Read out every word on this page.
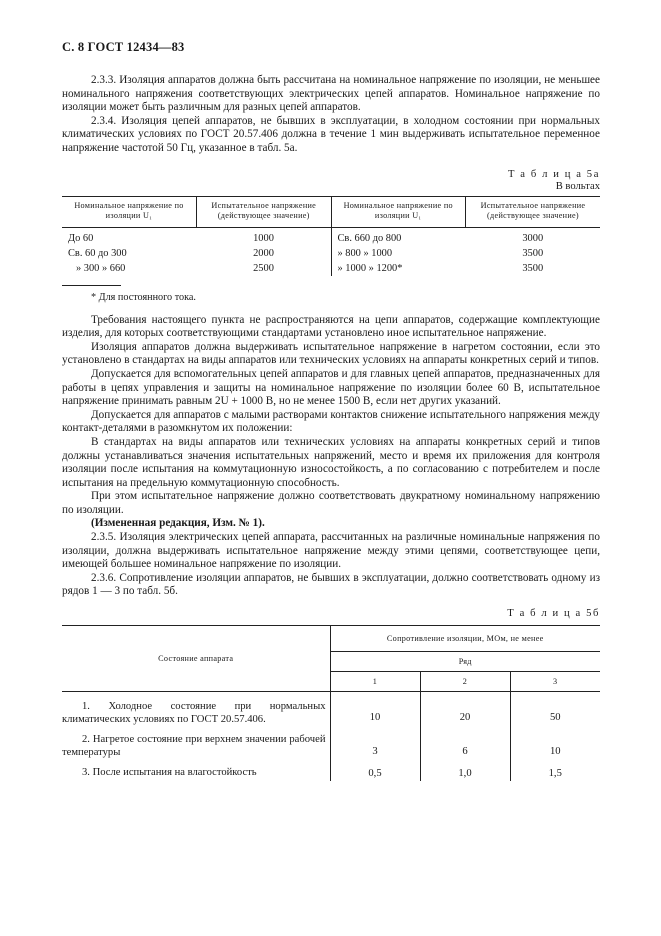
С. 8 ГОСТ 12434—83

2.3.3. Изоляция аппаратов должна быть рассчитана на номинальное напряжение по изоляции, не меньшее номинального напряжения соответствующих электрических цепей аппаратов. Номинальное напряжение по изоляции может быть различным для разных цепей аппаратов.

2.3.4. Изоляция цепей аппаратов, не бывших в эксплуатации, в холодном состоянии при нормальных климатических условиях по ГОСТ 20.57.406 должна в течение 1 мин выдерживать испытательное переменное напряжение частотой 50 Гц, указанное в табл. 5а.

Т а б л и ц а 5а
В вольтах
Номинальное напряжение по изоляции U₁	Испытательное напряжение (действующее значение)	Номинальное напряжение по изоляции U₁	Испытательное напряжение (действующее значение)
До 60	1000	Св. 660 до 800	3000
Св. 60 до 300	2000	» 800 » 1000	3500
» 300 » 660	2500	» 1000 » 1200*	3500
* Для постоянного тока.

Требования настоящего пункта не распространяются на цепи аппаратов, содержащие комплектующие изделия, для которых соответствующими стандартами установлено иное испытательное напряжение.

Изоляция аппаратов должна выдерживать испытательное напряжение в нагретом состоянии, если это установлено в стандартах на виды аппаратов или технических условиях на аппараты конкретных серий и типов.

Допускается для вспомогательных цепей аппаратов и для главных цепей аппаратов, предназначенных для работы в цепях управления и защиты на номинальное напряжение по изоляции более 60 В, испытательное напряжение принимать равным 2U + 1000 В, но не менее 1500 В, если нет других указаний.

Допускается для аппаратов с малыми растворами контактов снижение испытательного напряжения между контакт-деталями в разомкнутом их положении:

В стандартах на виды аппаратов или технических условиях на аппараты конкретных серий и типов должны устанавливаться значения испытательных напряжений, место и время их приложения для контроля изоляции после испытания на коммутационную износостойкость, а по согласованию с потребителем и после испытания на предельную коммутационную способность.

При этом испытательное напряжение должно соответствовать двукратному номинальному напряжению по изоляции.

(Измененная редакция, Изм. № 1).

2.3.5. Изоляция электрических цепей аппарата, рассчитанных на различные номинальные напряжения по изоляции, должна выдерживать испытательное напряжение между этими цепями, соответствующее цепи, имеющей большее номинальное напряжение по изоляции.

2.3.6. Сопротивление изоляции аппаратов, не бывших в эксплуатации, должно соответствовать одному из рядов 1 — 3 по табл. 5б.

Т а б л и ц а 5б
Состояние аппарата	Сопротивление изоляции, МОм, не менее		
	Ряд		
	1	2	3
1. Холодное состояние при нормальных климатических условиях по ГОСТ 20.57.406.	10	20	50
2. Нагретое состояние при верхнем значении рабочей температуры	3	6	10
3. После испытания на влагостойкость	0,5	1,0	1,5
